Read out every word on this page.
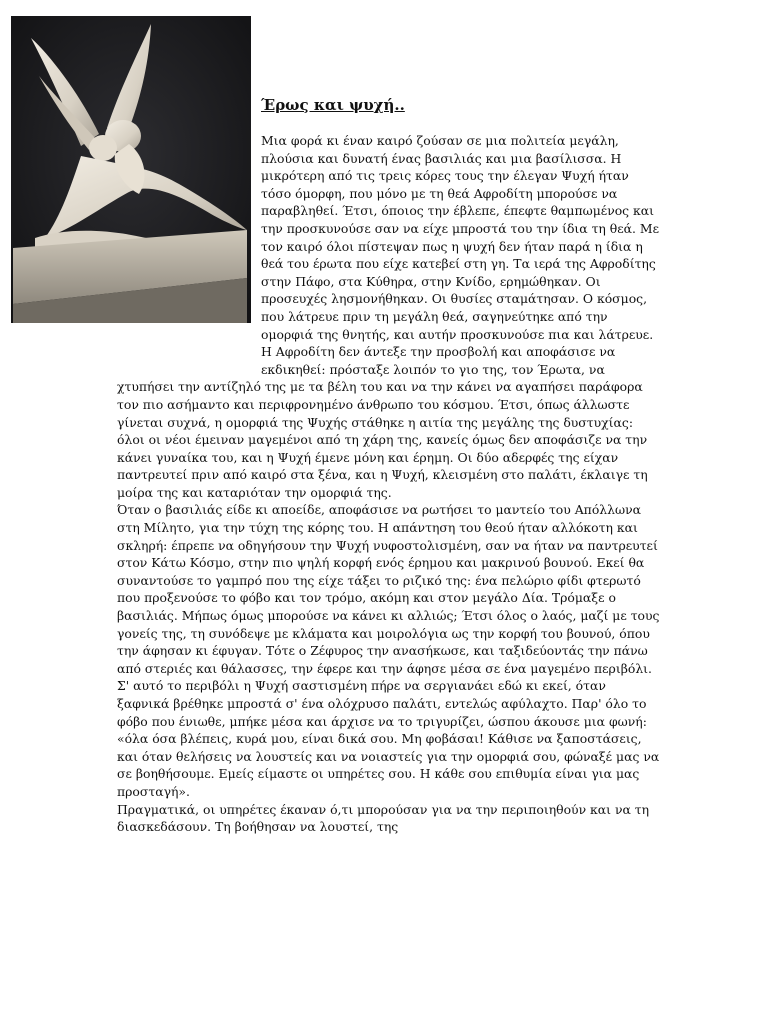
Έρως και ψυχή..

Μια φορά κι έναν καιρό ζούσαν σε μια πολιτεία μεγάλη, πλούσια και δυνατή ένας βασιλιάς και μια βασίλισσα. Η μικρότερη από τις τρεις κόρες τους την έλεγαν Ψυχή ήταν τόσο όμορφη, που μόνο με τη θεά Αφροδίτη μπορούσε να παραβληθεί. Έτσι, όποιος την έβλεπε, έπεφτε θαμπωμένος και την προσκυνούσε σαν να είχε μπροστά του την ίδια τη θεά. Με τον καιρό όλοι πίστεψαν πως η ψυχή δεν ήταν παρά η ίδια η θεά του έρωτα που είχε κατεβεί στη γη. Τα ιερά της Αφροδίτης στην Πάφο, στα Κύθηρα, στην Κνίδο, ερημώθηκαν. Οι προσευχές λησμονήθηκαν. Οι θυσίες σταμάτησαν. Ο κόσμος, που λάτρευε πριν τη μεγάλη θεά, σαγηνεύτηκε από την ομορφιά της θνητής, και αυτήν προσκυνούσε πια και λάτρευε.

Η Αφροδίτη δεν άντεξε την προσβολή και αποφάσισε να εκδικηθεί: πρόσταξε λοιπόν το γιο της, τον Έρωτα, να χτυπήσει την αντίζηλό της με τα βέλη του και να την κάνει να αγαπήσει παράφορα τον πιο ασήμαντο και περιφρονημένο άνθρωπο του κόσμου. Έτσι, όπως άλλωστε γίνεται συχνά, η ομορφιά της Ψυχής στάθηκε η αιτία της μεγάλης της δυστυχίας: όλοι οι νέοι έμειναν μαγεμένοι από τη χάρη της, κανείς όμως δεν αποφάσιζε να την κάνει γυναίκα του, και η Ψυχή έμενε μόνη και έρημη. Οι δύο αδερφές της είχαν παντρευτεί πριν από καιρό στα ξένα, και η Ψυχή, κλεισμένη στο παλάτι, έκλαιγε τη μοίρα της και καταριόταν την ομορφιά της.

Όταν ο βασιλιάς είδε κι αποείδε, αποφάσισε να ρωτήσει το μαντείο του Απόλλωνα στη Μίλητο, για την τύχη της κόρης του. Η απάντηση του θεού ήταν αλλόκοτη και σκληρή: έπρεπε να οδηγήσουν την Ψυχή νυφοστολισμένη, σαν να ήταν να παντρευτεί στον Κάτω Κόσμο, στην πιο ψηλή κορφή ενός έρημου και μακρινού βουνού. Εκεί θα συναντούσε το γαμπρό που της είχε τάξει το ριζικό της: ένα πελώριο φίδι φτερωτό που προξενούσε το φόβο και τον τρόμο, ακόμη και στον μεγάλο Δία. Τρόμαξε ο βασιλιάς. Μήπως όμως μπορούσε να κάνει κι αλλιώς; Έτσι όλος ο λαός, μαζί με τους γονείς της, τη συνόδεψε με κλάματα και μοιρολόγια ως την κορφή του βουνού, όπου την άφησαν κι έφυγαν. Τότε ο Ζέφυρος την ανασήκωσε, και ταξιδεύοντάς την πάνω από στεριές και θάλασσες, την έφερε και την άφησε μέσα σε ένα μαγεμένο περιβόλι.

Σ' αυτό το περιβόλι η Ψυχή σαστισμένη πήρε να σεργιανάει εδώ κι εκεί, όταν ξαφνικά βρέθηκε μπροστά σ' ένα ολόχρυσο παλάτι, εντελώς αφύλαχτο. Παρ' όλο το φόβο που ένιωθε, μπήκε μέσα και άρχισε να το τριγυρίζει, ώσπου άκουσε μια φωνή: «όλα όσα βλέπεις, κυρά μου, είναι δικά σου. Μη φοβάσαι! Κάθισε να ξαποστάσεις, και όταν θελήσεις να λουστείς και να νοιαστείς για την ομορφιά σου, φώναξέ μας να σε βοηθήσουμε. Εμείς είμαστε οι υπηρέτες σου. Η κάθε σου επιθυμία είναι για μας προσταγή».

Πραγματικά, οι υπηρέτες έκαναν ό,τι μπορούσαν για να την περιποιηθούν και να τη διασκεδάσουν. Τη βοήθησαν να λουστεί, της
